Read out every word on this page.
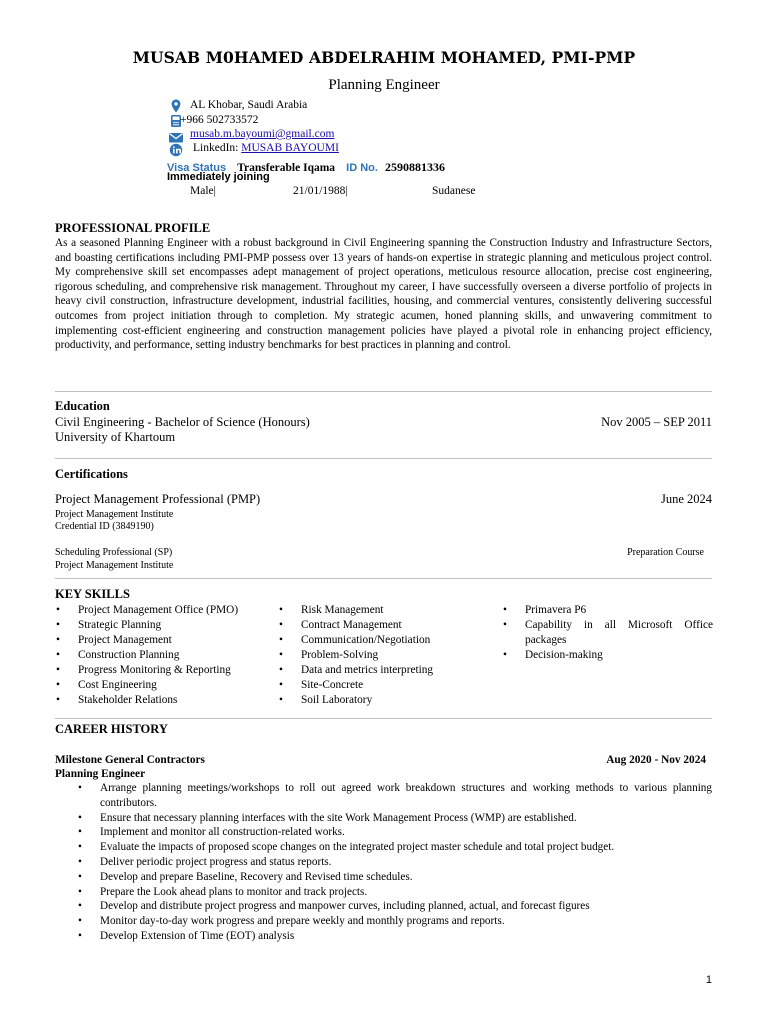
MUSAB M0HAMED ABDELRAHIM MOHAMED, PMI-PMP
Planning Engineer
AL Khobar, Saudi Arabia
+966 502733572
musab.m.bayoumi@gmail.com
LinkedIn: MUSAB BAYOUMI
Visa Status Transferable Iqama ID No. 2590881336
Immediately joining
Male|	21/01/1988|	Sudanese
PROFESSIONAL PROFILE
As a seasoned Planning Engineer with a robust background in Civil Engineering spanning the Construction Industry and Infrastructure Sectors, and boasting certifications including PMI-PMP possess over 13 years of hands-on expertise in strategic planning and meticulous project control. My comprehensive skill set encompasses adept management of project operations, meticulous resource allocation, precise cost engineering, rigorous scheduling, and comprehensive risk management. Throughout my career, I have successfully overseen a diverse portfolio of projects in heavy civil construction, infrastructure development, industrial facilities, housing, and commercial ventures, consistently delivering successful outcomes from project initiation through to completion. My strategic acumen, honed planning skills, and unwavering commitment to implementing cost-efficient engineering and construction management policies have played a pivotal role in enhancing project efficiency, productivity, and performance, setting industry benchmarks for best practices in planning and control.
Education
Civil Engineering - Bachelor of Science (Honours)	Nov 2005 – SEP 2011
University of Khartoum
Certifications
Project Management Professional (PMP)	June 2024
Project Management Institute
Credential ID (3849190)
Scheduling Professional (SP)	Preparation Course
Project Management Institute
KEY SKILLS
• Project Management Office (PMO)
• Strategic Planning
• Project Management
• Construction Planning
• Progress Monitoring & Reporting
• Cost Engineering
• Stakeholder Relations
• Risk Management
• Contract Management
• Communication/Negotiation
• Problem-Solving
• Data and metrics interpreting
• Site-Concrete
• Soil Laboratory
• Primavera P6
• Capability in all Microsoft Office packages
• Decision-making
CAREER HISTORY
Milestone General Contractors	Aug 2020 - Nov 2024
Planning Engineer
• Arrange planning meetings/workshops to roll out agreed work breakdown structures and working methods to various planning contributors.
• Ensure that necessary planning interfaces with the site Work Management Process (WMP) are established.
• Implement and monitor all construction-related works.
• Evaluate the impacts of proposed scope changes on the integrated project master schedule and total project budget.
• Deliver periodic project progress and status reports.
• Develop and prepare Baseline, Recovery and Revised time schedules.
• Prepare the Look ahead plans to monitor and track projects.
• Develop and distribute project progress and manpower curves, including planned, actual, and forecast figures
• Monitor day-to-day work progress and prepare weekly and monthly programs and reports.
• Develop Extension of Time (EOT) analysis
1
